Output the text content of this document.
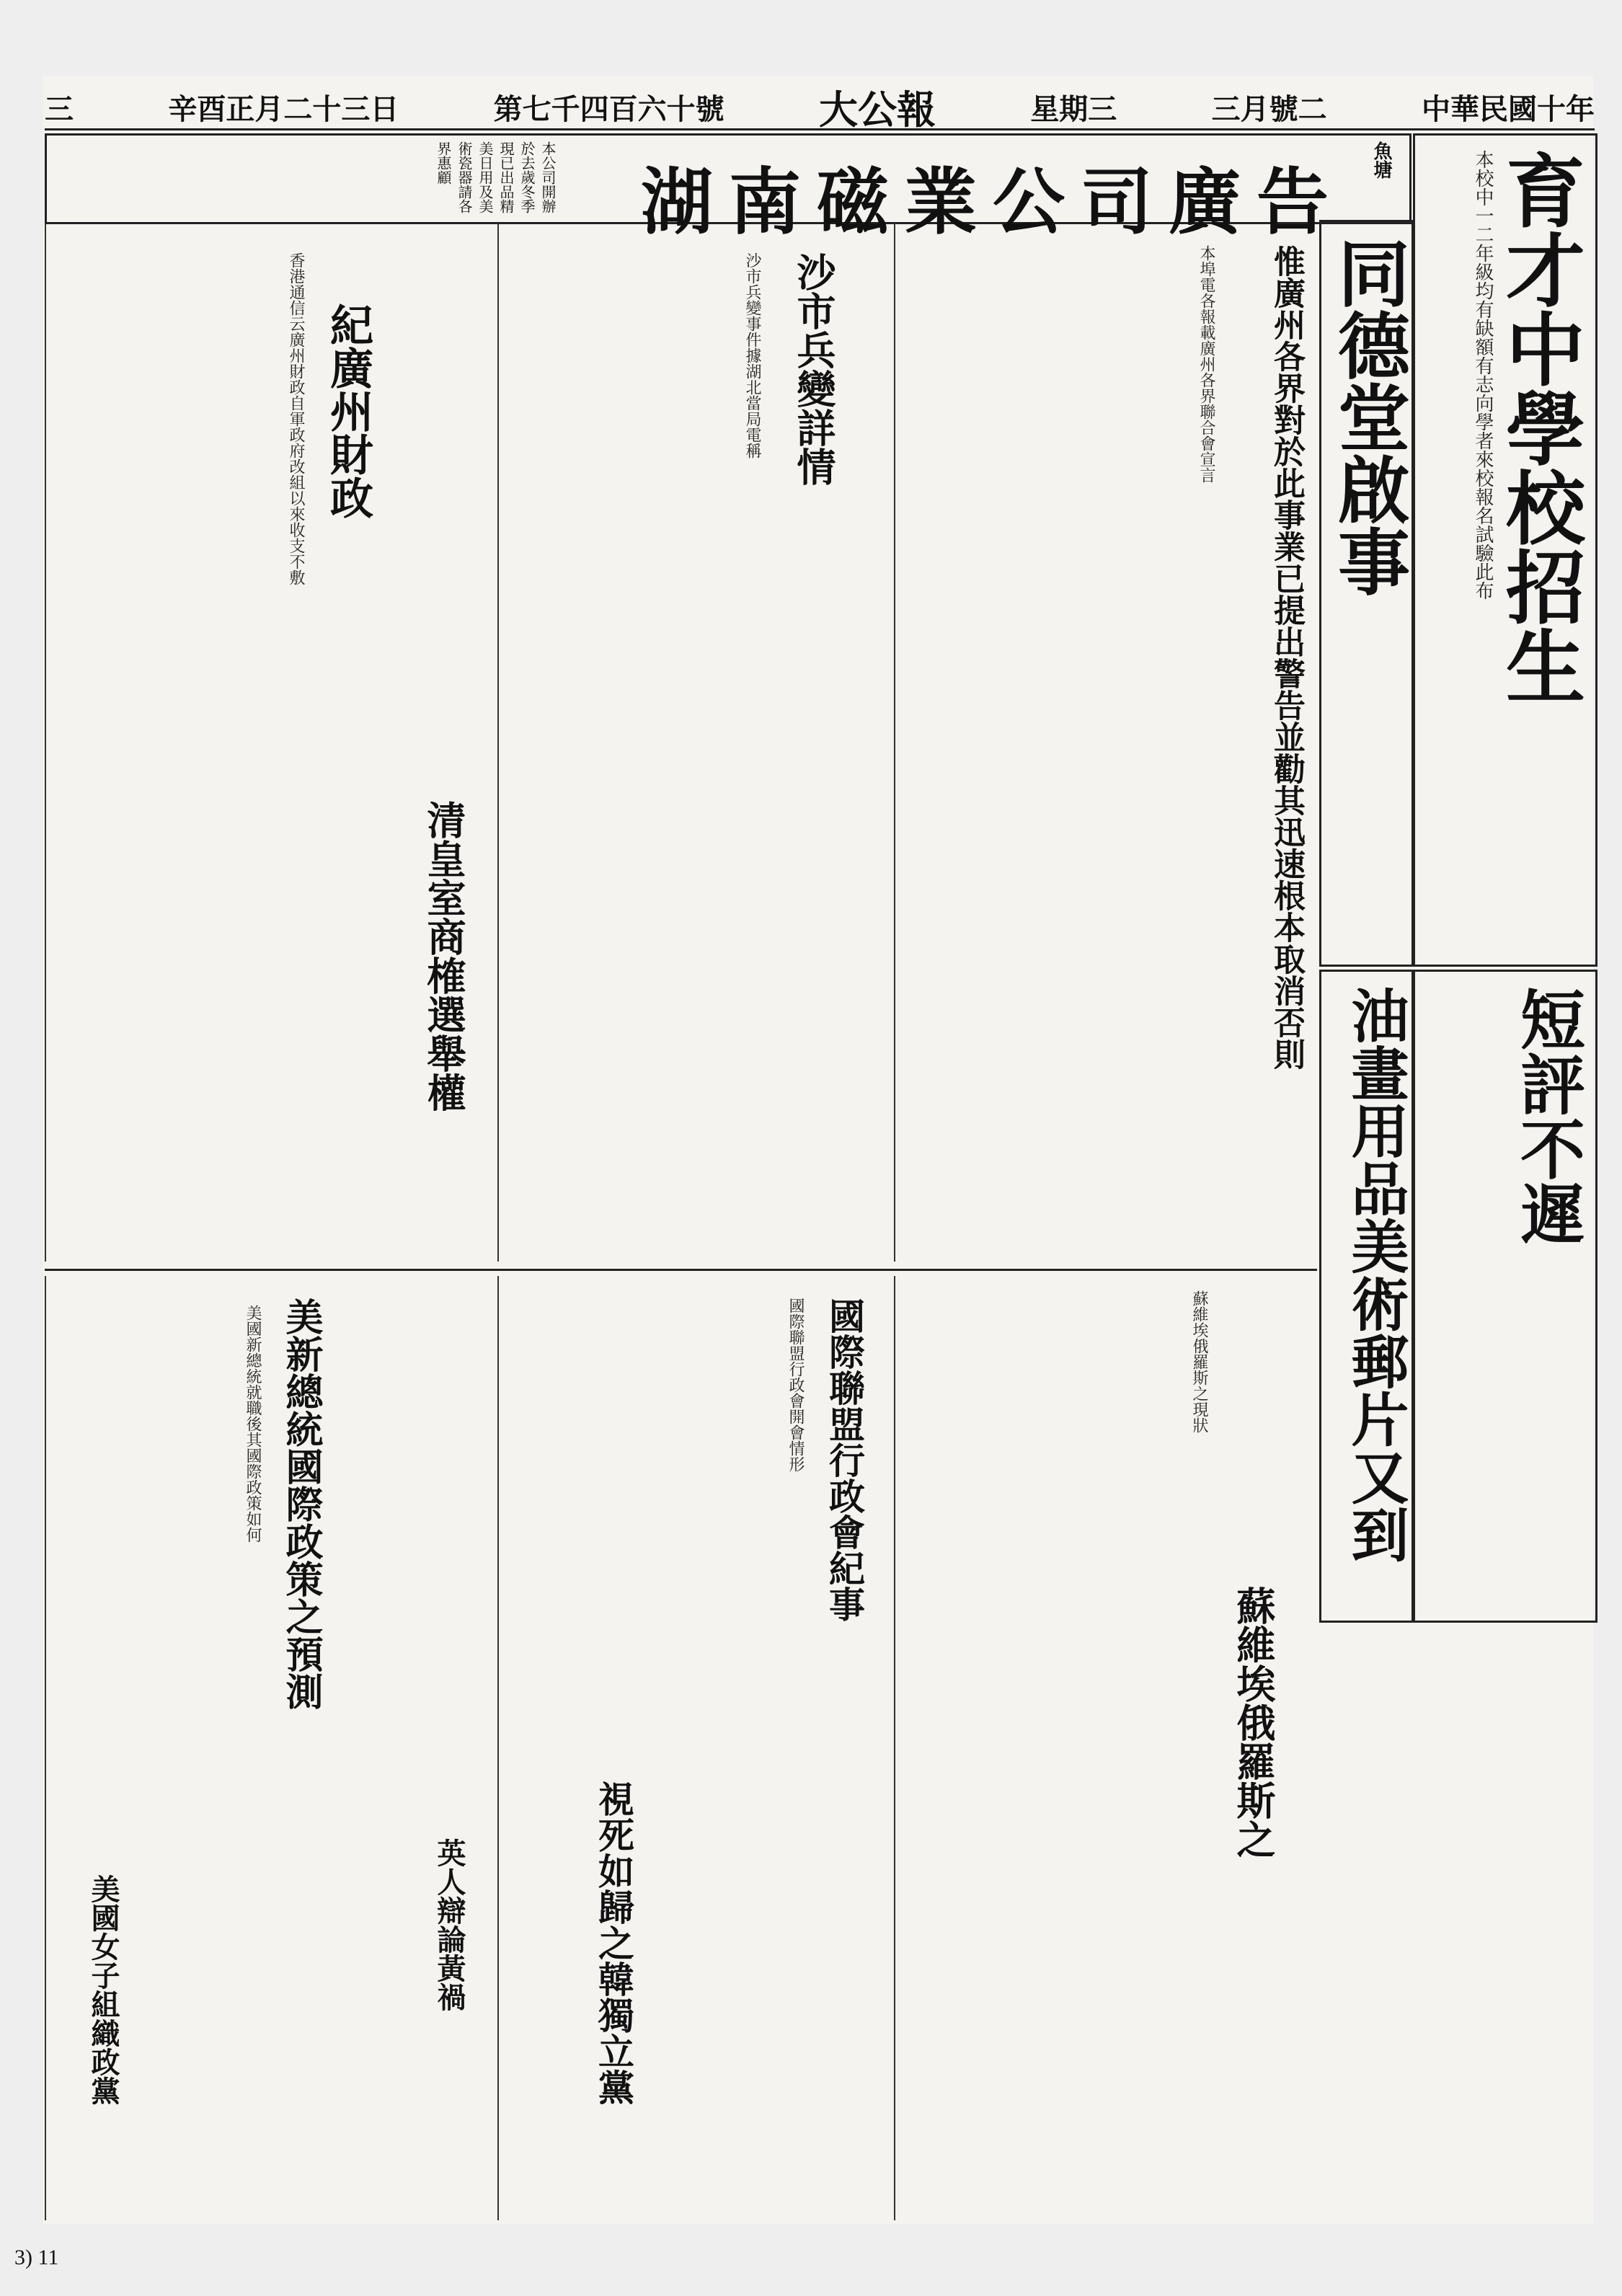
三	辛酉正月二十三日	第七千四百六十號 大公報	星期三	三月號二	中華民國十年
湖南磁業公司廣告 魚塘
本公司開辦於去歲冬季現已出品精美日用及美術瓷器請各界惠顧	育才中學校招生
本校中一二年級均有缺額有志向學者來校報名試驗此布
同德堂啟事
短評不遲
油畫用品美術郵片又到
惟廣州各界對於此事業已提出警告並勸其迅速根本取消否則
本埠電各報載廣州各界聯合會宣言
沙市兵變詳情
沙市兵變事件據湖北當局電稱
紀廣州財政
清皇室商榷選舉權
香港通信云廣州財政自軍政府改組以來收支不敷
蘇維埃俄羅斯之
蘇維埃俄羅斯之現狀
國際聯盟行政會紀事
視死如歸之韓獨立黨
國際聯盟行政會開會情形
美新總統國際政策之預測
英人辯論黃禍
美國女子組織政黨
美國新總統就職後其國際政策如何
3) 11
